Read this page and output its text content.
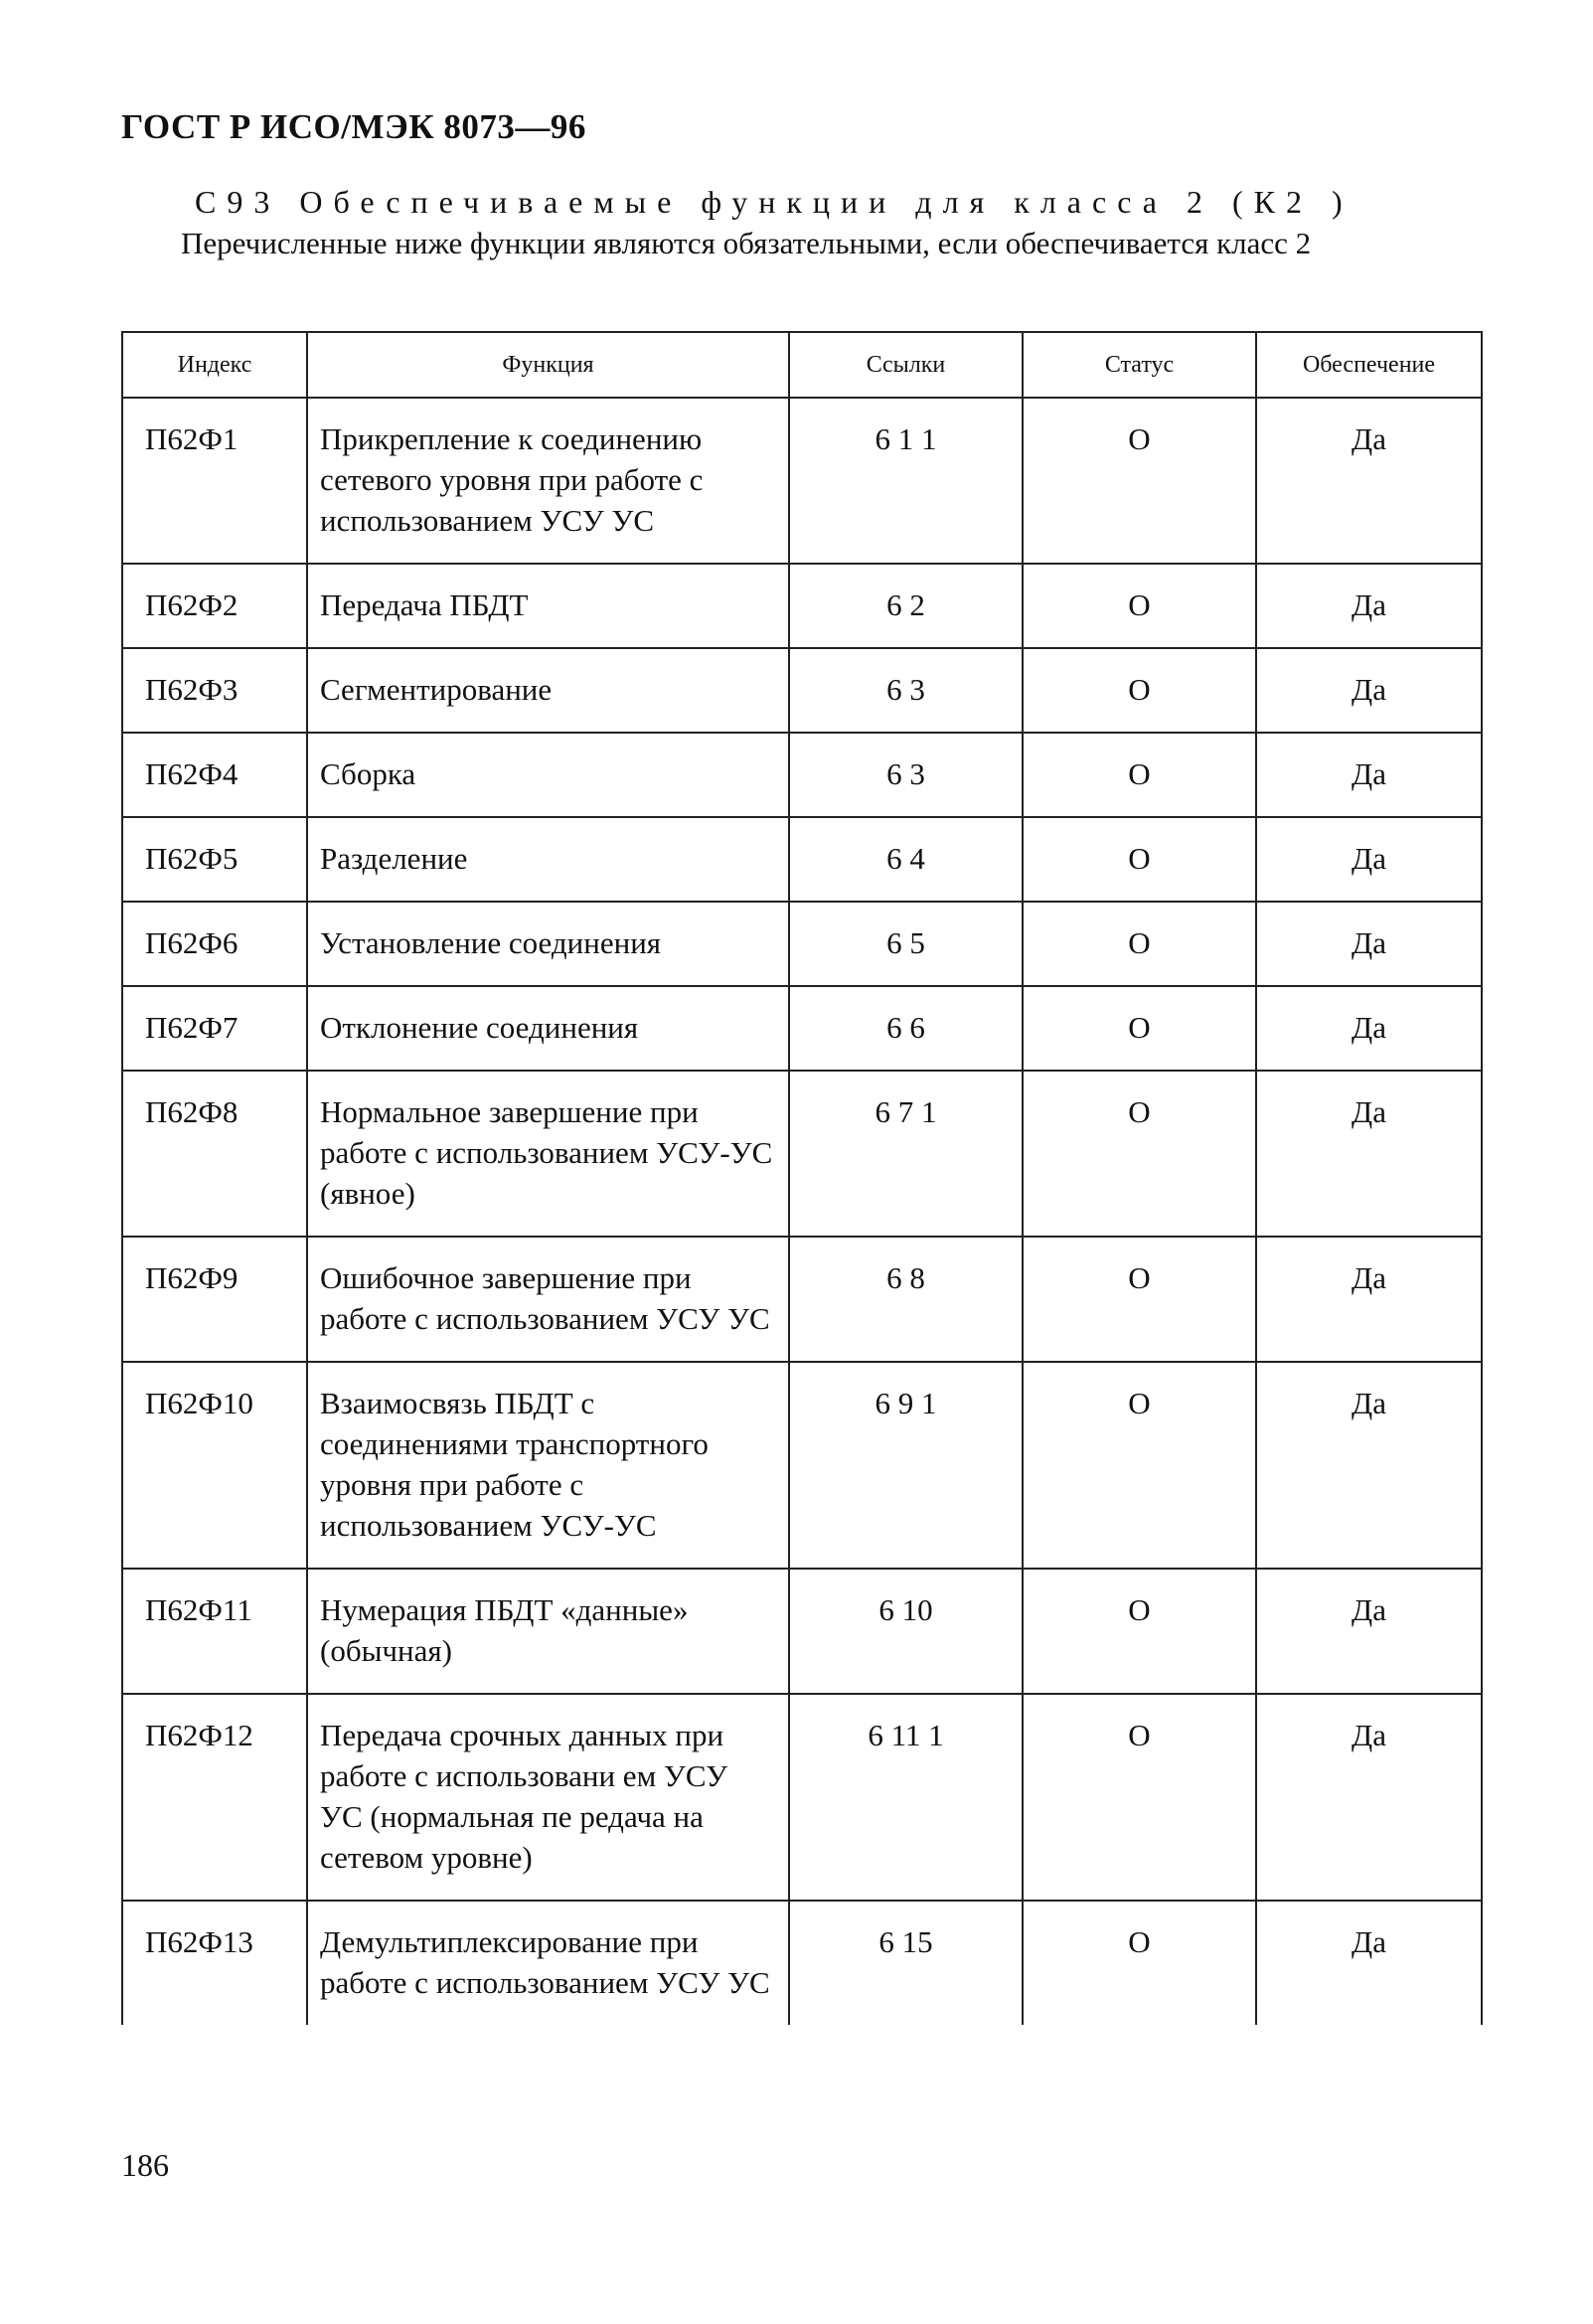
ГОСТ Р ИСО/МЭК 8073—96
С93 Обеспечиваемые функции для класса 2 (К2 )
Перечисленные ниже функции являются обязательными, если обеспечивается класс 2
Индекс	Функция	Ссылки	Статус	Обеспечение
П62Ф1	Прикрепление к соединению сетевого уровня при работе с использованием УСУ УС	6 1 1	О	Да
П62Ф2	Передача ПБДТ	6 2	О	Да
П62Ф3	Сегментирование	6 3	О	Да
П62Ф4	Сборка	6 3	О	Да
П62Ф5	Разделение	6 4	О	Да
П62Ф6	Установление соединения	6 5	О	Да
П62Ф7	Отклонение соединения	6 6	О	Да
П62Ф8	Нормальное завершение при работе с использованием УСУ-УС (явное)	6 7 1	О	Да
П62Ф9	Ошибочное завершение при работе с использованием УСУ УС	6 8	О	Да
П62Ф10	Взаимосвязь ПБДТ с соединениями транспортного уровня при работе с использованием УСУ-УС	6 9 1	О	Да
П62Ф11	Нумерация ПБДТ «данные» (обычная)	6 10	О	Да
П62Ф12	Передача срочных данных при работе с использовани ем УСУ УС (нормальная пе редача на сетевом уровне)	6 11 1	О	Да
П62Ф13	Демультиплексирование при работе с использованием УСУ УС	6 15	О	Да
186
